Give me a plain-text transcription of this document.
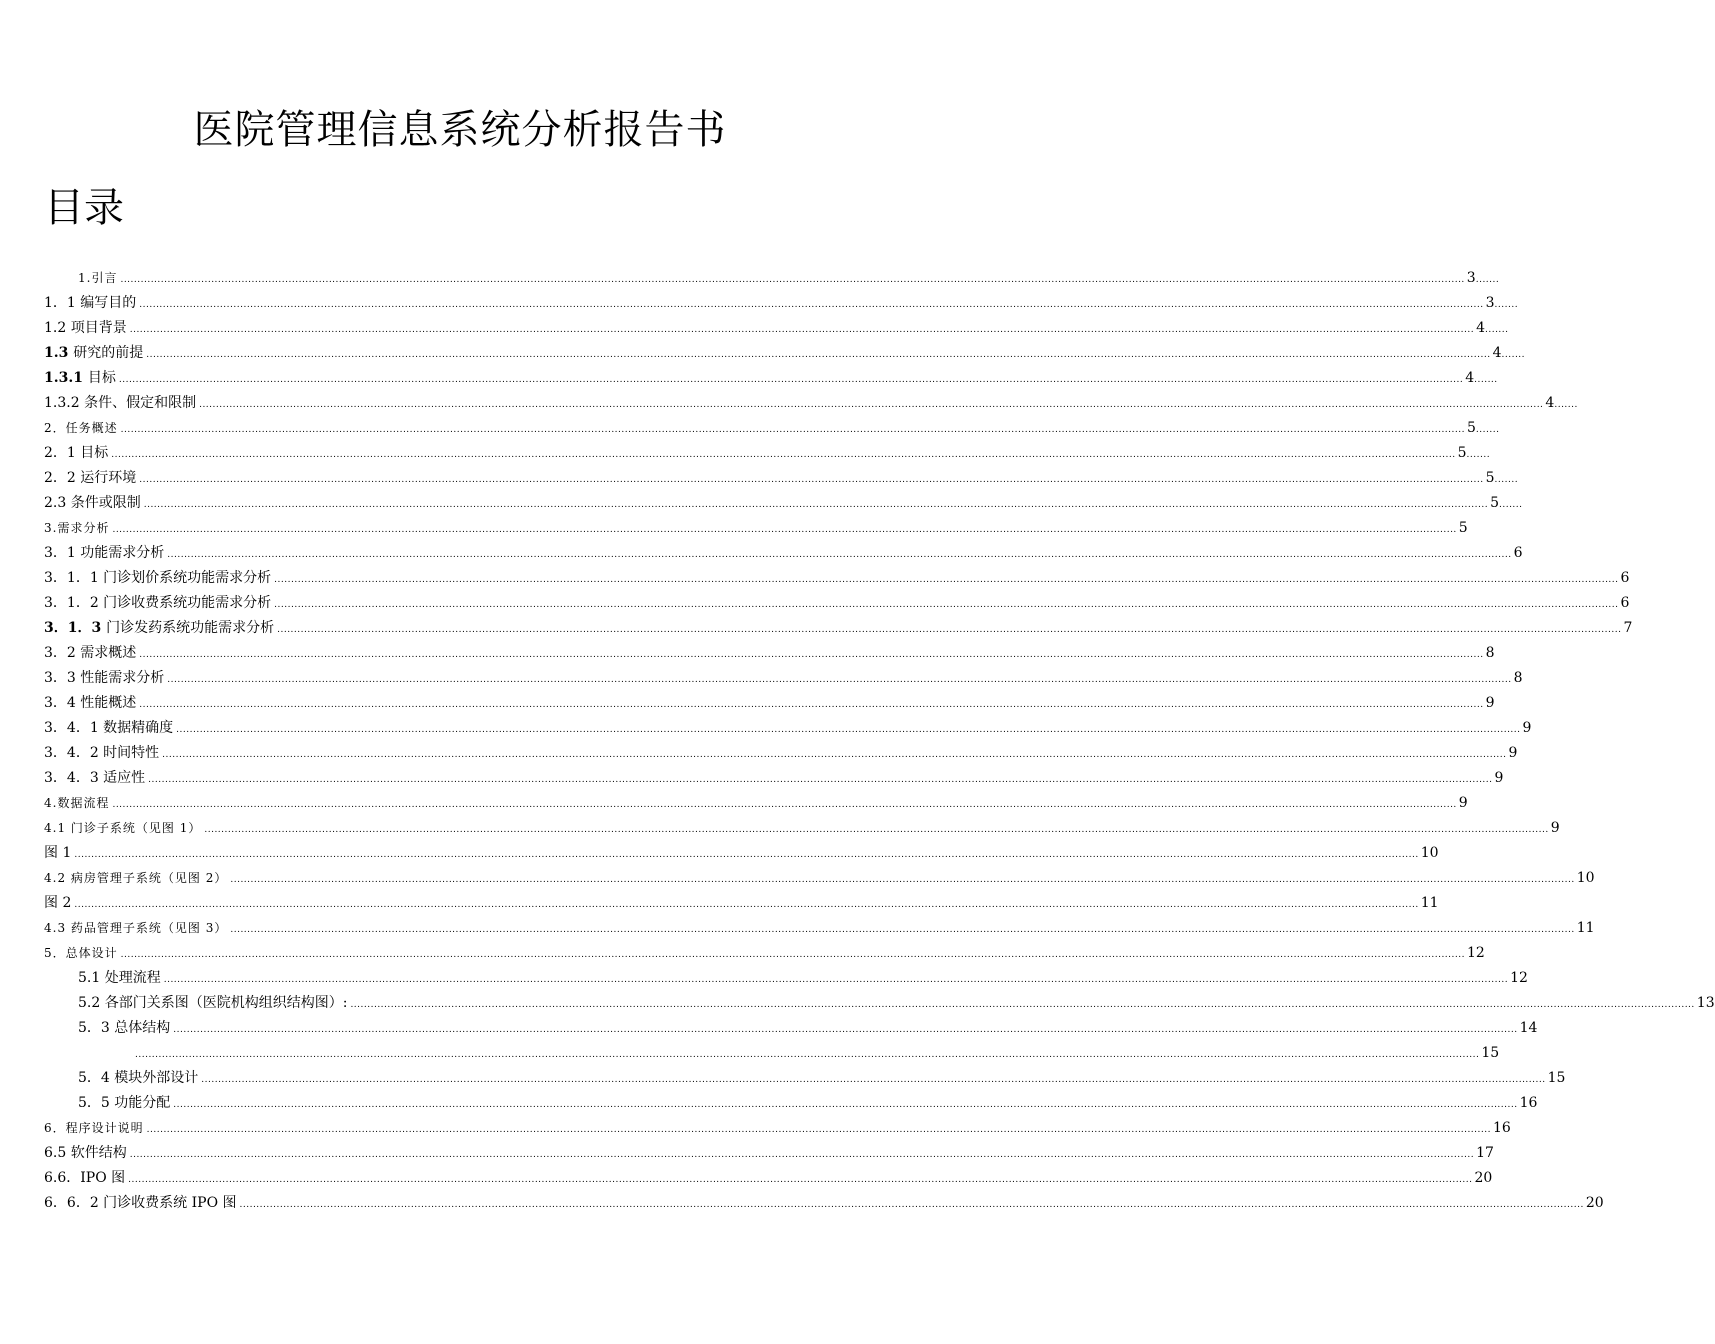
医院管理信息系统分析报告书
目录
1.引言 ................................................................................................................................................................................................................................................................................................................................................................................................................ 3 .......
1．1 编写目的 ................................................................................................................................................................................................................................................................................................................................................................................................................ 3 .......
1.2 项目背景 ................................................................................................................................................................................................................................................................................................................................................................................................................ 4 .......
1.3 研究的前提 ................................................................................................................................................................................................................................................................................................................................................................................................................ 4 .......
1.3.1 目标 ................................................................................................................................................................................................................................................................................................................................................................................................................ 4 .......
1.3.2 条件、假定和限制 ................................................................................................................................................................................................................................................................................................................................................................................................................ 4 .......
2．任务概述 ................................................................................................................................................................................................................................................................................................................................................................................................................ 5 .......
2．1 目标 ................................................................................................................................................................................................................................................................................................................................................................................................................ 5 .......
2．2 运行环境 ................................................................................................................................................................................................................................................................................................................................................................................................................ 5 .......
2.3 条件或限制 ................................................................................................................................................................................................................................................................................................................................................................................................................ 5 .......
3.需求分析 ................................................................................................................................................................................................................................................................................................................................................................................................................ 5
3．1 功能需求分析 ................................................................................................................................................................................................................................................................................................................................................................................................................ 6
3．1．1 门诊划价系统功能需求分析 ................................................................................................................................................................................................................................................................................................................................................................................................................ 6
3．1．2 门诊收费系统功能需求分析 ................................................................................................................................................................................................................................................................................................................................................................................................................ 6
3．1．3 门诊发药系统功能需求分析 ................................................................................................................................................................................................................................................................................................................................................................................................................ 7
3．2 需求概述 ................................................................................................................................................................................................................................................................................................................................................................................................................ 8
3．3 性能需求分析 ................................................................................................................................................................................................................................................................................................................................................................................................................ 8
3．4 性能概述 ................................................................................................................................................................................................................................................................................................................................................................................................................ 9
3．4．1 数据精确度 ................................................................................................................................................................................................................................................................................................................................................................................................................ 9
3．4．2 时间特性 ................................................................................................................................................................................................................................................................................................................................................................................................................ 9
3．4．3 适应性 ................................................................................................................................................................................................................................................................................................................................................................................................................ 9
4.数据流程 ................................................................................................................................................................................................................................................................................................................................................................................................................ 9
4.1 门诊子系统（见图 1） ................................................................................................................................................................................................................................................................................................................................................................................................................ 9
图 1 ................................................................................................................................................................................................................................................................................................................................................................................................................ 10
4.2 病房管理子系统（见图 2） ................................................................................................................................................................................................................................................................................................................................................................................................................ 10
图 2 ................................................................................................................................................................................................................................................................................................................................................................................................................ 11
4.3 药品管理子系统（见图 3） ................................................................................................................................................................................................................................................................................................................................................................................................................ 11
5．总体设计 ................................................................................................................................................................................................................................................................................................................................................................................................................ 12
5.1 处理流程 ................................................................................................................................................................................................................................................................................................................................................................................................................ 12
5.2 各部门关系图（医院机构组织结构图）: ................................................................................................................................................................................................................................................................................................................................................................................................................ 13
5．3 总体结构 ................................................................................................................................................................................................................................................................................................................................................................................................................ 14
................................................................................................................................................................................................................................................................................................................................................................................................................ 15
5．4 模块外部设计 ................................................................................................................................................................................................................................................................................................................................................................................................................ 15
5．5 功能分配 ................................................................................................................................................................................................................................................................................................................................................................................................................ 16
6．程序设计说明 ................................................................................................................................................................................................................................................................................................................................................................................................................ 16
6.5 软件结构 ................................................................................................................................................................................................................................................................................................................................................................................................................ 17
6.6．IPO 图 ................................................................................................................................................................................................................................................................................................................................................................................................................ 20
6．6．2 门诊收费系统 IPO 图 ................................................................................................................................................................................................................................................................................................................................................................................................................ 20
